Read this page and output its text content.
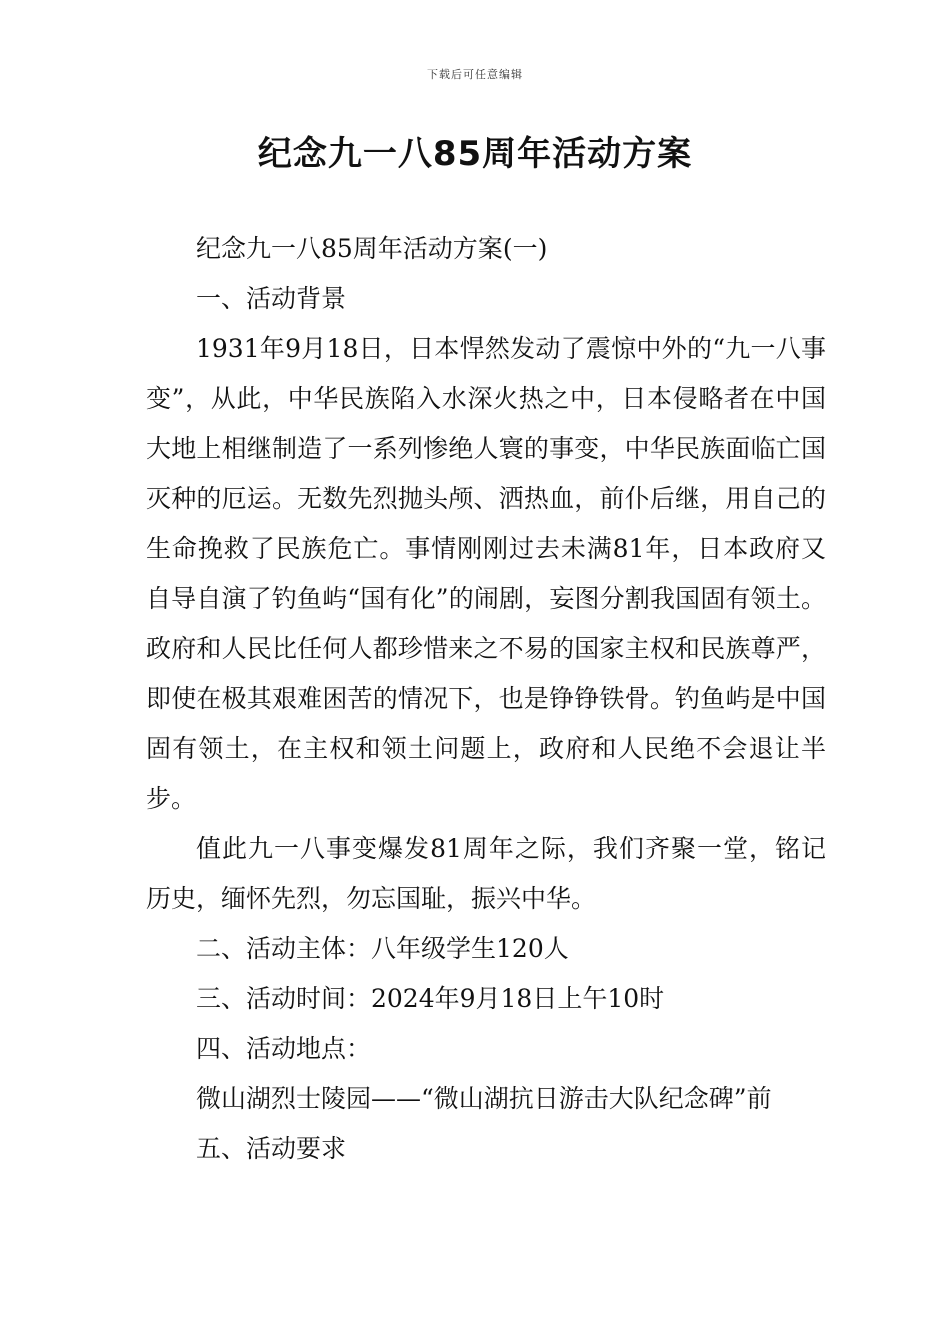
下载后可任意编辑
纪念九一八85周年活动方案

纪念九一八85周年活动方案(一)

一、活动背景

1931年9月18日，日本悍然发动了震惊中外的“九一八事变”，从此，中华民族陷入水深火热之中，日本侵略者在中国大地上相继制造了一系列惨绝人寰的事变，中华民族面临亡国灭种的厄运。无数先烈抛头颅、洒热血，前仆后继，用自己的生命挽救了民族危亡。事情刚刚过去未满81年，日本政府又自导自演了钓鱼屿“国有化”的闹剧，妄图分割我国固有领土。政府和人民比任何人都珍惜来之不易的国家主权和民族尊严，即使在极其艰难困苦的情况下，也是铮铮铁骨。钓鱼屿是中国固有领土，在主权和领土问题上，政府和人民绝不会退让半步。

值此九一八事变爆发81周年之际，我们齐聚一堂，铭记历史，缅怀先烈，勿忘国耻，振兴中华。

二、活动主体：八年级学生120人

三、活动时间：2024年9月18日上午10时

四、活动地点：

微山湖烈士陵园——“微山湖抗日游击大队纪念碑”前

五、活动要求
